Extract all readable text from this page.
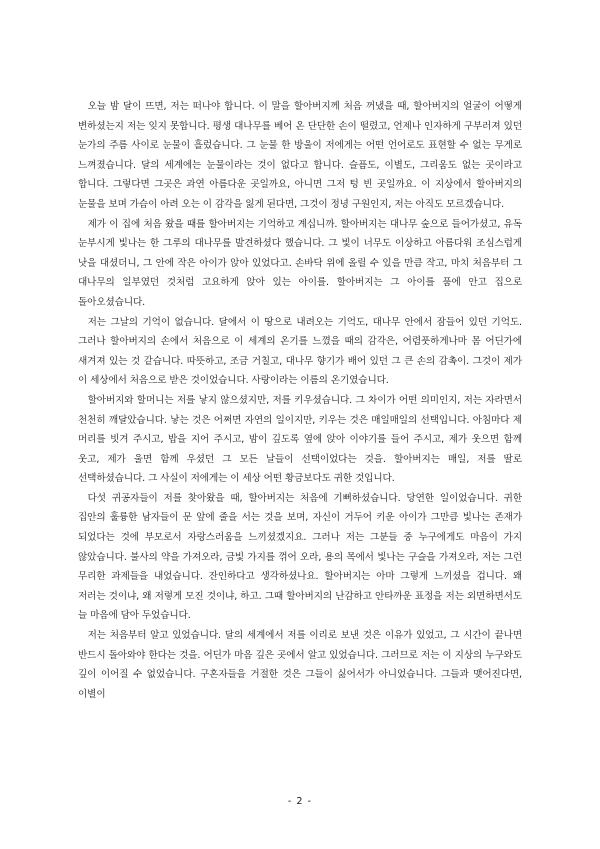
오늘 밤 달이 뜨면, 저는 떠나야 합니다. 이 말을 할아버지께 처음 꺼냈을 때, 할아버지의 얼굴이 어떻게 변하셨는지 저는 잊지 못합니다. 평생 대나무를 베어 온 단단한 손이 떨렸고, 언제나 인자하게 구부러져 있던 눈가의 주름 사이로 눈물이 흘렀습니다. 그 눈물 한 방울이 저에게는 어떤 언어로도 표현할 수 없는 무게로 느껴졌습니다. 달의 세계에는 눈물이라는 것이 없다고 합니다. 슬픔도, 이별도, 그리움도 없는 곳이라고 합니다. 그렇다면 그곳은 과연 아름다운 곳일까요, 아니면 그저 텅 빈 곳일까요. 이 지상에서 할아버지의 눈물을 보며 가슴이 아려 오는 이 감각을 잃게 된다면, 그것이 정녕 구원인지, 저는 아직도 모르겠습니다.

제가 이 집에 처음 왔을 때를 할아버지는 기억하고 계십니까. 할아버지는 대나무 숲으로 들어가셨고, 유독 눈부시게 빛나는 한 그루의 대나무를 발견하셨다 했습니다. 그 빛이 너무도 이상하고 아름다워 조심스럽게 낫을 대셨더니, 그 안에 작은 아이가 앉아 있었다고. 손바닥 위에 올릴 수 있을 만큼 작고, 마치 처음부터 그 대나무의 일부였던 것처럼 고요하게 앉아 있는 아이를. 할아버지는 그 아이를 품에 안고 집으로 돌아오셨습니다.

저는 그날의 기억이 없습니다. 달에서 이 땅으로 내려오는 기억도, 대나무 안에서 잠들어 있던 기억도. 그러나 할아버지의 손에서 처음으로 이 세계의 온기를 느꼈을 때의 감각은, 어렴풋하게나마 몸 어딘가에 새겨져 있는 것 같습니다. 따뜻하고, 조금 거칠고, 대나무 향기가 배어 있던 그 큰 손의 감촉이. 그것이 제가 이 세상에서 처음으로 받은 것이었습니다. 사랑이라는 이름의 온기였습니다.

할아버지와 할머니는 저를 낳지 않으셨지만, 저를 키우셨습니다. 그 차이가 어떤 의미인지, 저는 자라면서 천천히 깨달았습니다. 낳는 것은 어쩌면 자연의 일이지만, 키우는 것은 매일매일의 선택입니다. 아침마다 제 머리를 빗겨 주시고, 밥을 지어 주시고, 밤이 깊도록 옆에 앉아 이야기를 들어 주시고, 제가 웃으면 함께 웃고, 제가 울면 함께 우셨던 그 모든 날들이 선택이었다는 것을. 할아버지는 매일, 저를 딸로 선택하셨습니다. 그 사실이 저에게는 이 세상 어떤 황금보다도 귀한 것입니다.

다섯 귀공자들이 저를 찾아왔을 때, 할아버지는 처음에 기뻐하셨습니다. 당연한 일이었습니다. 귀한 집안의 훌륭한 남자들이 문 앞에 줄을 서는 것을 보며, 자신이 거두어 키운 아이가 그만큼 빛나는 존재가 되었다는 것에 부모로서 자랑스러움을 느끼셨겠지요. 그러나 저는 그분들 중 누구에게도 마음이 가지 않았습니다. 불사의 약을 가져오라, 금빛 가지를 꺾어 오라, 용의 목에서 빛나는 구슬을 가져오라, 저는 그런 무리한 과제들을 내었습니다. 잔인하다고 생각하셨나요. 할아버지는 아마 그렇게 느끼셨을 겁니다. 왜 저러는 것이냐, 왜 저렇게 모진 것이냐, 하고. 그때 할아버지의 난감하고 안타까운 표정을 저는 외면하면서도 늘 마음에 담아 두었습니다.

저는 처음부터 알고 있었습니다. 달의 세계에서 저를 이리로 보낸 것은 이유가 있었고, 그 시간이 끝나면 반드시 돌아와야 한다는 것을. 어딘가 마음 깊은 곳에서 알고 있었습니다. 그러므로 저는 이 지상의 누구와도 깊이 이어질 수 없었습니다. 구혼자들을 거절한 것은 그들이 싫어서가 아니었습니다. 그들과 맺어진다면, 이별이

- 2 -
